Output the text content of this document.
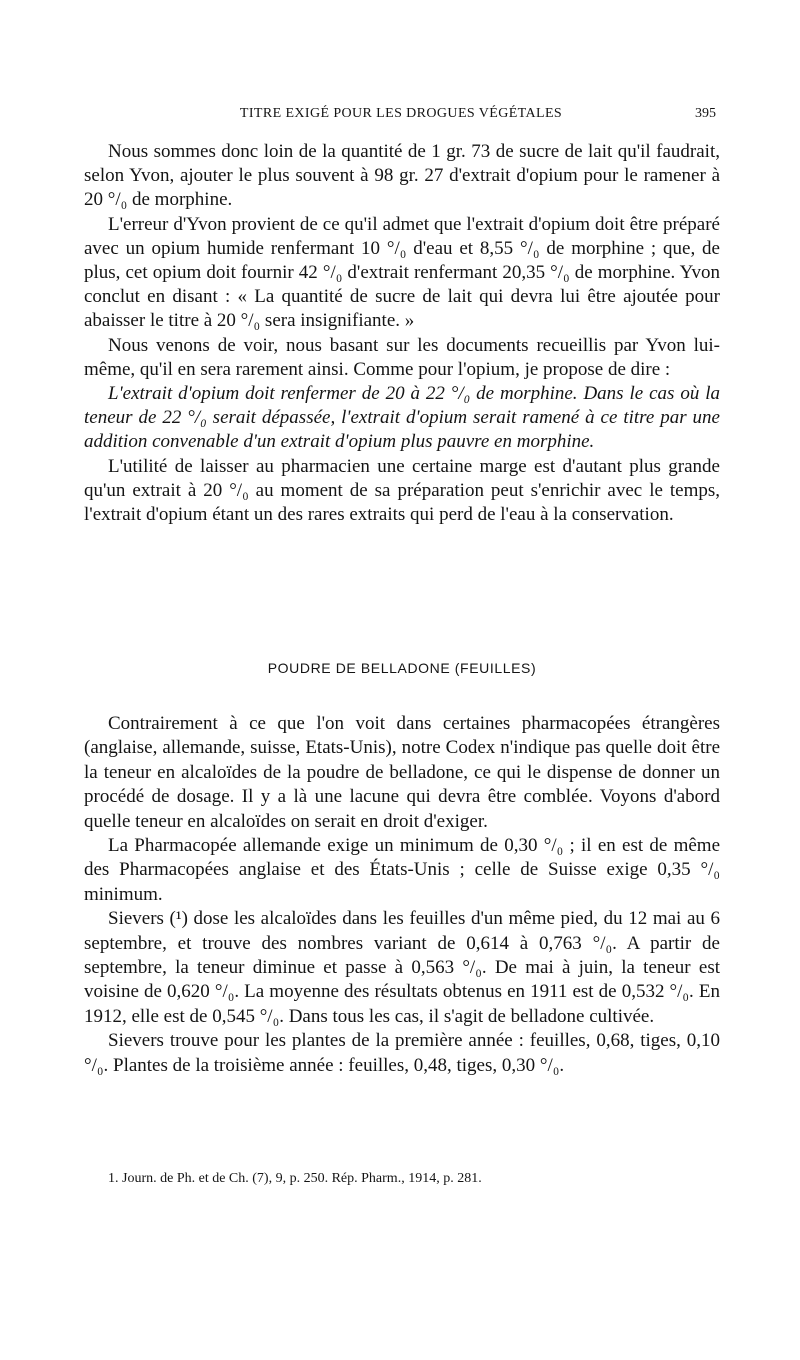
TITRE EXIGÉ POUR LES DROGUES VÉGÉTALES	395

Nous sommes donc loin de la quantité de 1 gr. 73 de sucre de lait qu'il faudrait, selon Yvon, ajouter le plus souvent à 98 gr. 27 d'extrait d'opium pour le ramener à 20 °/₀ de morphine.

L'erreur d'Yvon provient de ce qu'il admet que l'extrait d'opium doit être préparé avec un opium humide renfermant 10 °/₀ d'eau et 8,55 °/₀ de morphine ; que, de plus, cet opium doit fournir 42 °/₀ d'extrait renfermant 20,35 °/₀ de morphine. Yvon conclut en disant : « La quantité de sucre de lait qui devra lui être ajoutée pour abaisser le titre à 20 °/₀ sera insignifiante. »

Nous venons de voir, nous basant sur les documents recueillis par Yvon lui-même, qu'il en sera rarement ainsi. Comme pour l'opium, je propose de dire :

L'extrait d'opium doit renfermer de 20 à 22 °/₀ de morphine. Dans le cas où la teneur de 22 °/₀ serait dépassée, l'extrait d'opium serait ramené à ce titre par une addition convenable d'un extrait d'opium plus pauvre en morphine.

L'utilité de laisser au pharmacien une certaine marge est d'autant plus grande qu'un extrait à 20 °/₀ au moment de sa préparation peut s'enrichir avec le temps, l'extrait d'opium étant un des rares extraits qui perd de l'eau à la conservation.

POUDRE DE BELLADONE (FEUILLES)

Contrairement à ce que l'on voit dans certaines pharmacopées étrangères (anglaise, allemande, suisse, Etats-Unis), notre Codex n'indique pas quelle doit être la teneur en alcaloïdes de la poudre de belladone, ce qui le dispense de donner un procédé de dosage. Il y a là une lacune qui devra être comblée. Voyons d'abord quelle teneur en alcaloïdes on serait en droit d'exiger.

La Pharmacopée allemande exige un minimum de 0,30 °/₀ ; il en est de même des Pharmacopées anglaise et des États-Unis ; celle de Suisse exige 0,35 °/₀ minimum.

Sievers (¹) dose les alcaloïdes dans les feuilles d'un même pied, du 12 mai au 6 septembre, et trouve des nombres variant de 0,614 à 0,763 °/₀. A partir de septembre, la teneur diminue et passe à 0,563 °/₀. De mai à juin, la teneur est voisine de 0,620 °/₀. La moyenne des résultats obtenus en 1911 est de 0,532 °/₀. En 1912, elle est de 0,545 °/₀. Dans tous les cas, il s'agit de belladone cultivée.

Sievers trouve pour les plantes de la première année : feuilles, 0,68, tiges, 0,10 °/₀. Plantes de la troisième année : feuilles, 0,48, tiges, 0,30 °/₀.

1. Journ. de Ph. et de Ch. (7), 9, p. 250. Rép. Pharm., 1914, p. 281.
